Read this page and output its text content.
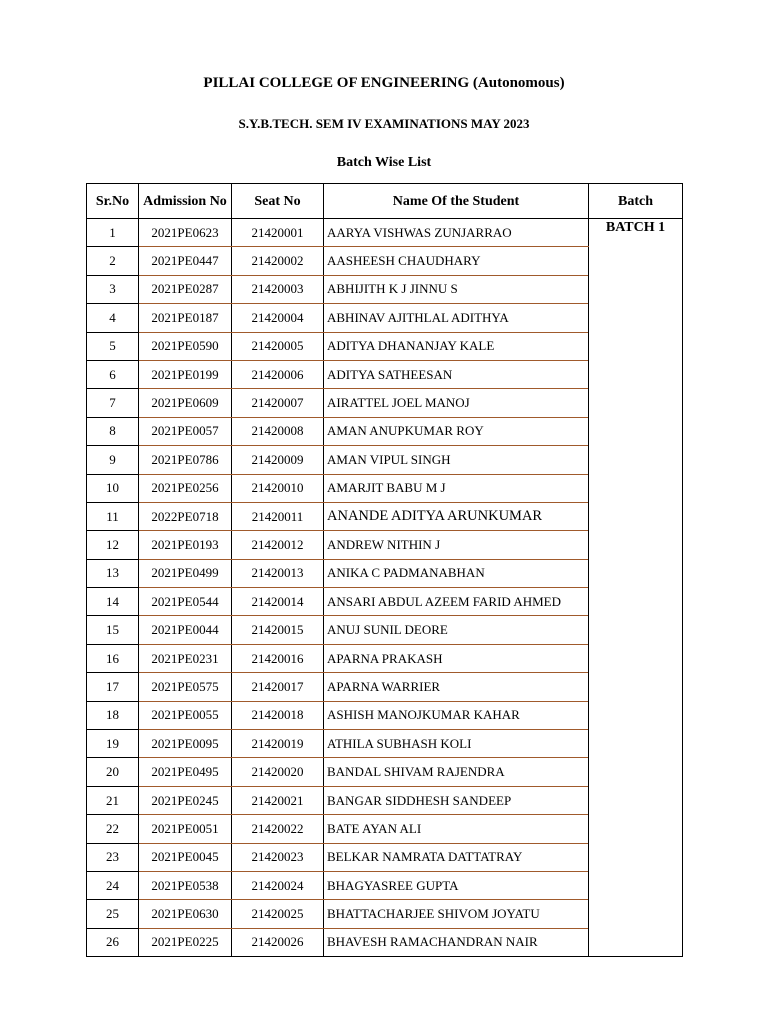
PILLAI COLLEGE OF ENGINEERING (Autonomous)
S.Y.B.TECH. SEM IV EXAMINATIONS MAY 2023
Batch Wise List
Sr.No	Admission No	Seat No	Name Of the Student	Batch
1	2021PE0623	21420001	AARYA VISHWAS ZUNJARRAO	BATCH 1
2	2021PE0447	21420002	AASHEESH CHAUDHARY	
3	2021PE0287	21420003	ABHIJITH K J JINNU S	
4	2021PE0187	21420004	ABHINAV AJITHLAL ADITHYA	
5	2021PE0590	21420005	ADITYA DHANANJAY KALE	
6	2021PE0199	21420006	ADITYA SATHEESAN	
7	2021PE0609	21420007	AIRATTEL JOEL MANOJ	
8	2021PE0057	21420008	AMAN ANUPKUMAR ROY	
9	2021PE0786	21420009	AMAN VIPUL SINGH	
10	2021PE0256	21420010	AMARJIT BABU M J	
11	2022PE0718	21420011	ANANDE ADITYA ARUNKUMAR	
12	2021PE0193	21420012	ANDREW NITHIN J	
13	2021PE0499	21420013	ANIKA C PADMANABHAN	
14	2021PE0544	21420014	ANSARI ABDUL AZEEM FARID AHMED	
15	2021PE0044	21420015	ANUJ SUNIL DEORE	
16	2021PE0231	21420016	APARNA PRAKASH	
17	2021PE0575	21420017	APARNA WARRIER	
18	2021PE0055	21420018	ASHISH MANOJKUMAR KAHAR	
19	2021PE0095	21420019	ATHILA SUBHASH KOLI	
20	2021PE0495	21420020	BANDAL SHIVAM RAJENDRA	
21	2021PE0245	21420021	BANGAR SIDDHESH SANDEEP	
22	2021PE0051	21420022	BATE AYAN ALI	
23	2021PE0045	21420023	BELKAR NAMRATA DATTATRAY	
24	2021PE0538	21420024	BHAGYASREE GUPTA	
25	2021PE0630	21420025	BHATTACHARJEE SHIVOM JOYATU	
26	2021PE0225	21420026	BHAVESH RAMACHANDRAN NAIR	
